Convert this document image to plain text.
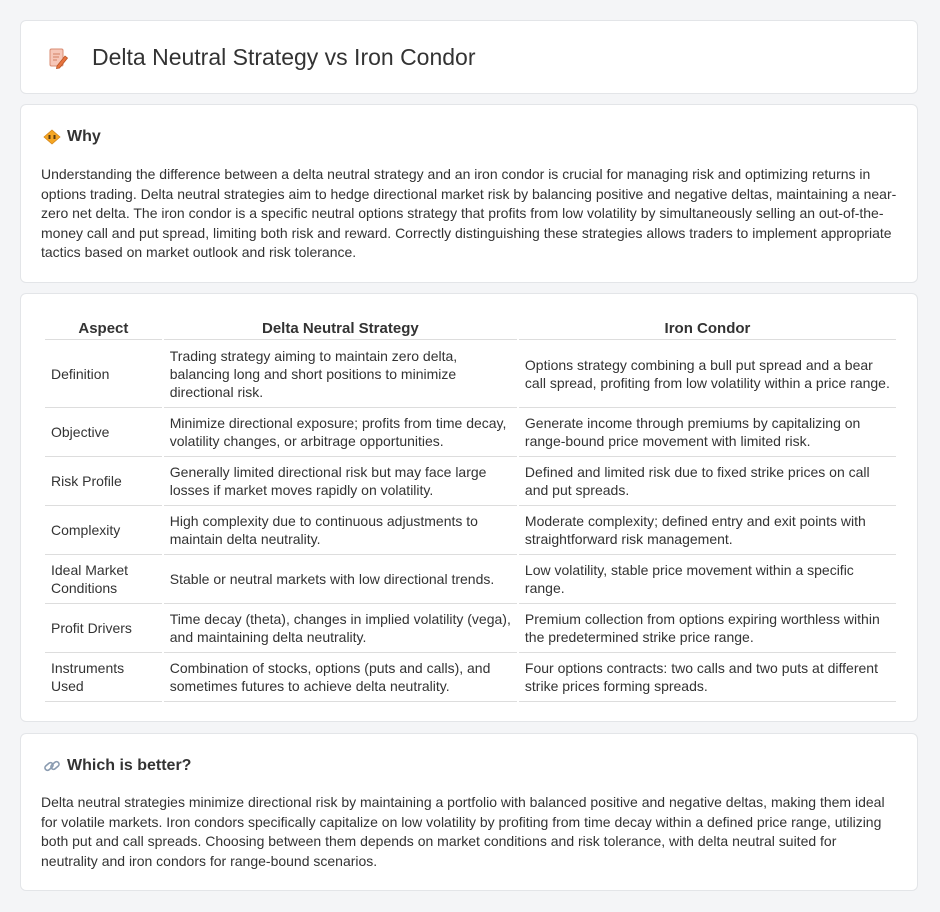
Delta Neutral Strategy vs Iron Condor
Why

Understanding the difference between a delta neutral strategy and an iron condor is crucial for managing risk and optimizing returns in options trading. Delta neutral strategies aim to hedge directional market risk by balancing positive and negative deltas, maintaining a near-zero net delta. The iron condor is a specific neutral options strategy that profits from low volatility by simultaneously selling an out-of-the-money call and put spread, limiting both risk and reward. Correctly distinguishing these strategies allows traders to implement appropriate tactics based on market outlook and risk tolerance.

Aspect	Delta Neutral Strategy	Iron Condor
Definition	Trading strategy aiming to maintain zero delta, balancing long and short positions to minimize directional risk.	Options strategy combining a bull put spread and a bear call spread, profiting from low volatility within a price range.
Objective	Minimize directional exposure; profits from time decay, volatility changes, or arbitrage opportunities.	Generate income through premiums by capitalizing on range-bound price movement with limited risk.
Risk Profile	Generally limited directional risk but may face large losses if market moves rapidly on volatility.	Defined and limited risk due to fixed strike prices on call and put spreads.
Complexity	High complexity due to continuous adjustments to maintain delta neutrality.	Moderate complexity; defined entry and exit points with straightforward risk management.
Ideal Market Conditions	Stable or neutral markets with low directional trends.	Low volatility, stable price movement within a specific range.
Profit Drivers	Time decay (theta), changes in implied volatility (vega), and maintaining delta neutrality.	Premium collection from options expiring worthless within the predetermined strike price range.
Instruments Used	Combination of stocks, options (puts and calls), and sometimes futures to achieve delta neutrality.	Four options contracts: two calls and two puts at different strike prices forming spreads.
Which is better?

Delta neutral strategies minimize directional risk by maintaining a portfolio with balanced positive and negative deltas, making them ideal for volatile markets. Iron condors specifically capitalize on low volatility by profiting from time decay within a defined price range, utilizing both put and call spreads. Choosing between them depends on market conditions and risk tolerance, with delta neutral suited for neutrality and iron condors for range-bound scenarios.
